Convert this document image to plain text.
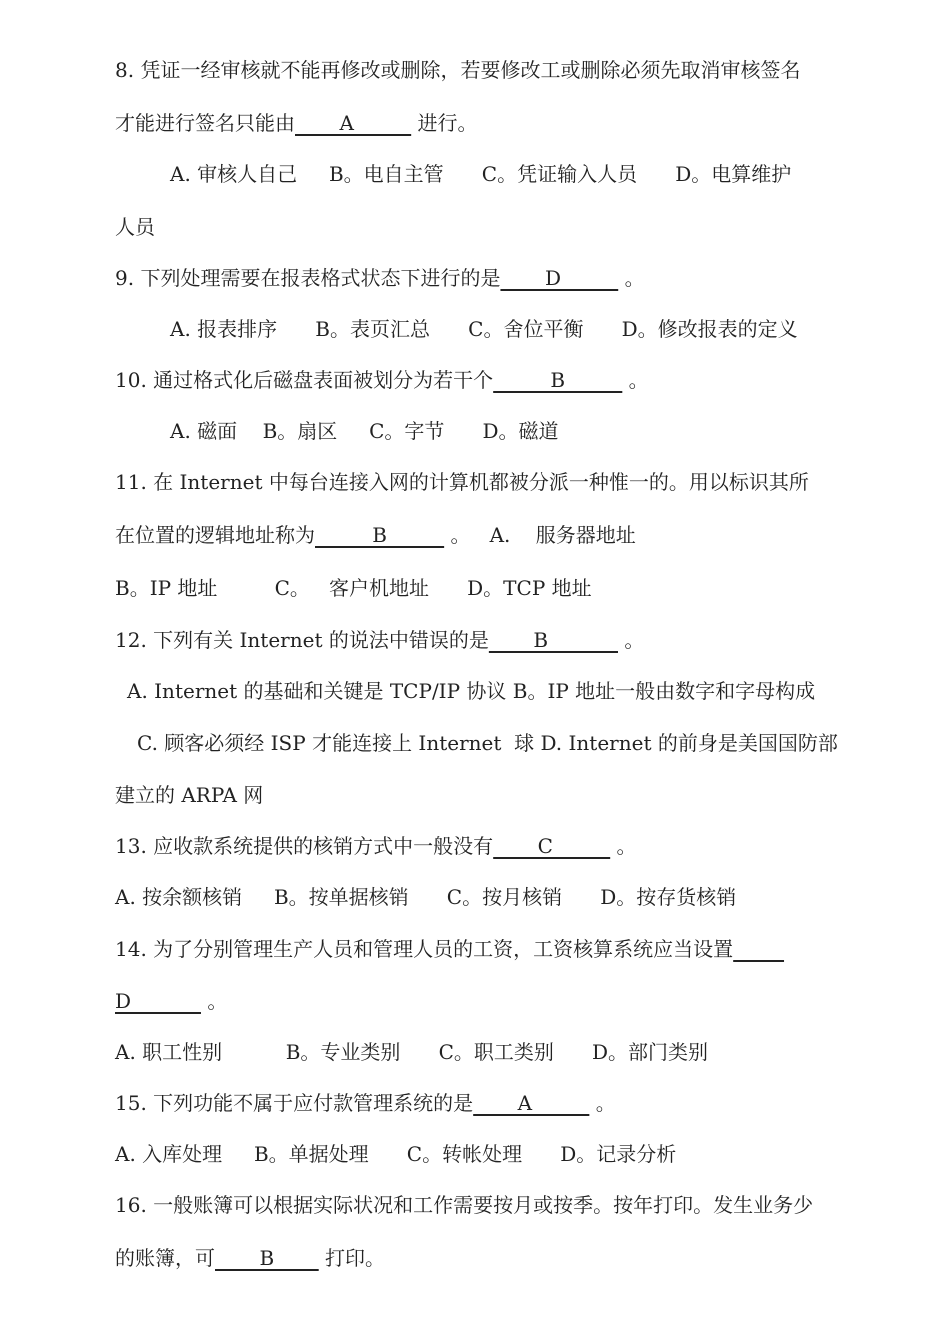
8. 凭证一经审核就不能再修改或删除，若要修改工或删除必须先取消审核签名
才能进行签名只能由       A          进行。
A. 审核人自己     B。电自主管      C。凭证输入人员      D。电算维护
人员
9. 下列处理需要在报表格式状态下进行的是       D          。
A. 报表排序      B。表页汇总      C。舍位平衡      D。修改报表的定义
10. 通过格式化后磁盘表面被划分为若干个         B          。
A. 磁面    B。扇区     C。字节      D。磁道
11. 在 Internet 中每台连接入网的计算机都被分派一种惟一的。用以标识其所
在位置的逻辑地址称为         B          。   A.    服务器地址
B。IP 地址         C。   客户机地址      D。TCP 地址
12. 下列有关 Internet 的说法中错误的是       B            。
A. Internet 的基础和关键是 TCP/IP 协议 B。IP 地址一般由数字和字母构成
C. 顾客必须经 ISP 才能连接上 Internet  球 D. Internet 的前身是美国国防部
建立的 ARPA 网
13. 应收款系统提供的核销方式中一般没有       C          。
A. 按余额核销     B。按单据核销      C。按月核销      D。按存货核销
14. 为了分别管理生产人员和管理人员的工资，工资核算系统应当设置
D            。
A. 职工性别          B。专业类别      C。职工类别      D。部门类别
15. 下列功能不属于应付款管理系统的是       A          。
A. 入库处理     B。单据处理      C。转帐处理      D。记录分析
16. 一般账簿可以根据实际状况和工作需要按月或按季。按年打印。发生业务少
的账簿，可       B        打印。
